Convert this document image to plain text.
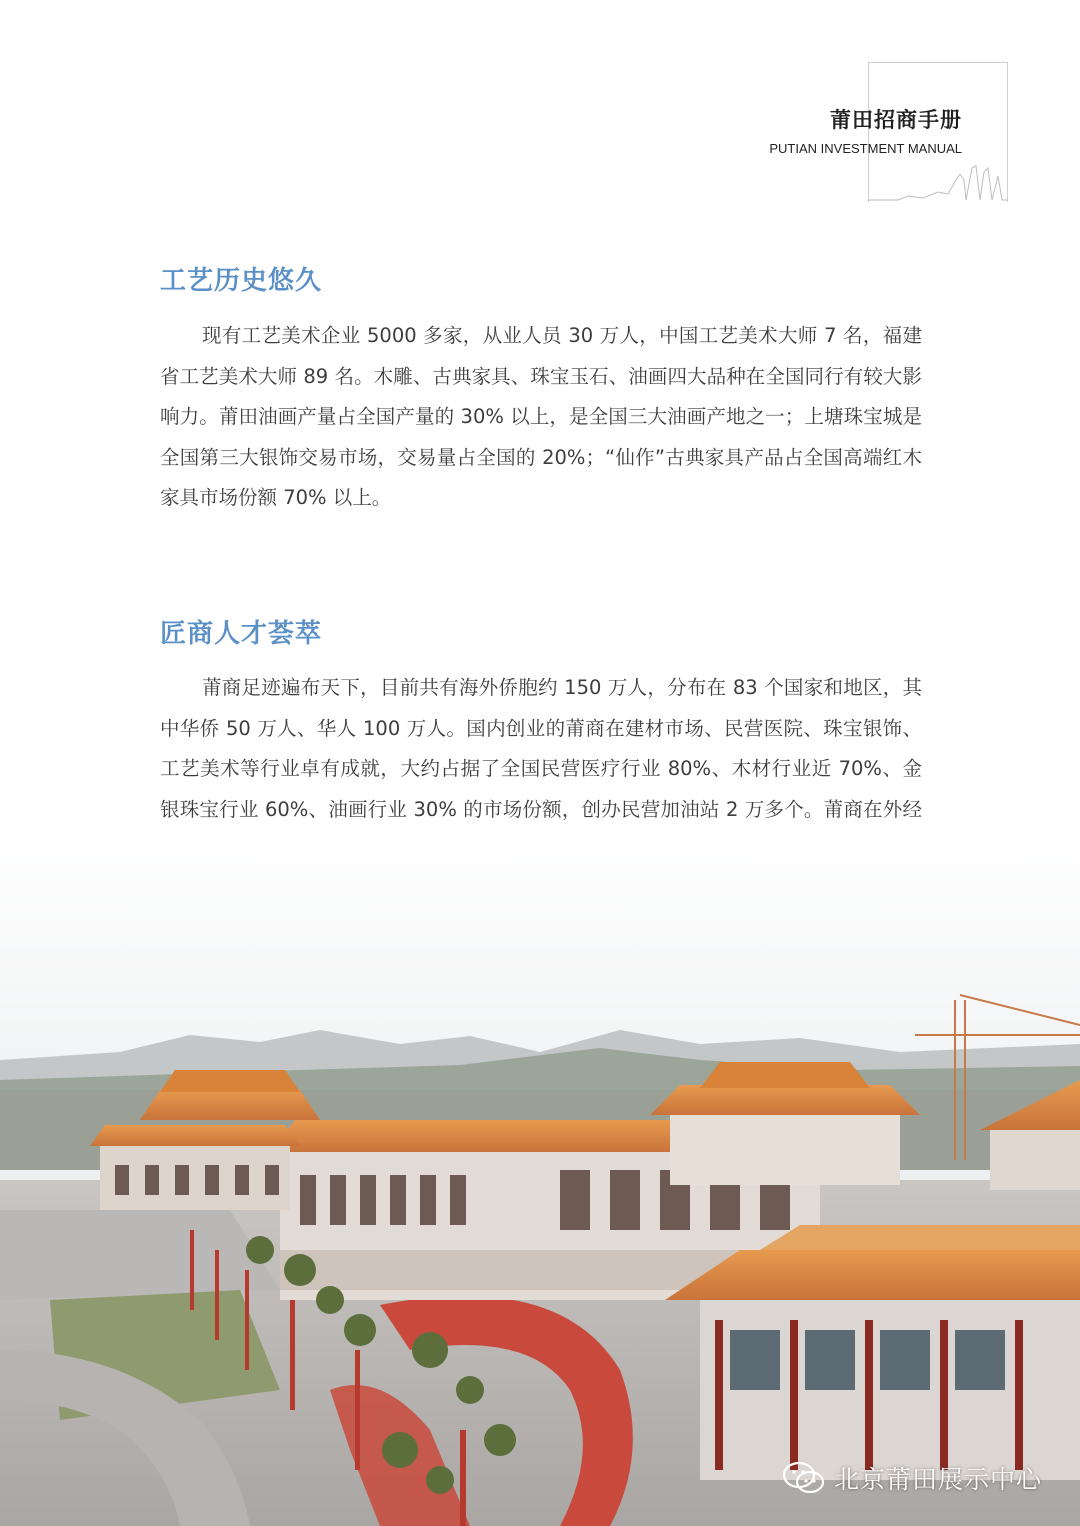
莆田招商手册
PUTIAN INVESTMENT MANUAL
工艺历史悠久
现有工艺美术企业 5000 多家，从业人员 30 万人，中国工艺美术大师 7 名，福建省工艺美术大师 89 名。木雕、古典家具、珠宝玉石、油画四大品种在全国同行有较大影响力。莆田油画产量占全国产量的 30% 以上，是全国三大油画产地之一；上塘珠宝城是全国第三大银饰交易市场，交易量占全国的 20%；“仙作”古典家具产品占全国高端红木家具市场份额 70% 以上。
匠商人才荟萃
莆商足迹遍布天下，目前共有海外侨胞约 150 万人，分布在 83 个国家和地区，其中华侨 50 万人、华人 100 万人。国内创业的莆商在建材市场、民营医院、珠宝银饰、工艺美术等行业卓有成就，大约占据了全国民营医疗行业 80%、木材行业近 70%、金银珠宝行业 60%、油画行业 30% 的市场份额，创办民营加油站 2 万多个。莆商在外经
北京莆田展示中心
